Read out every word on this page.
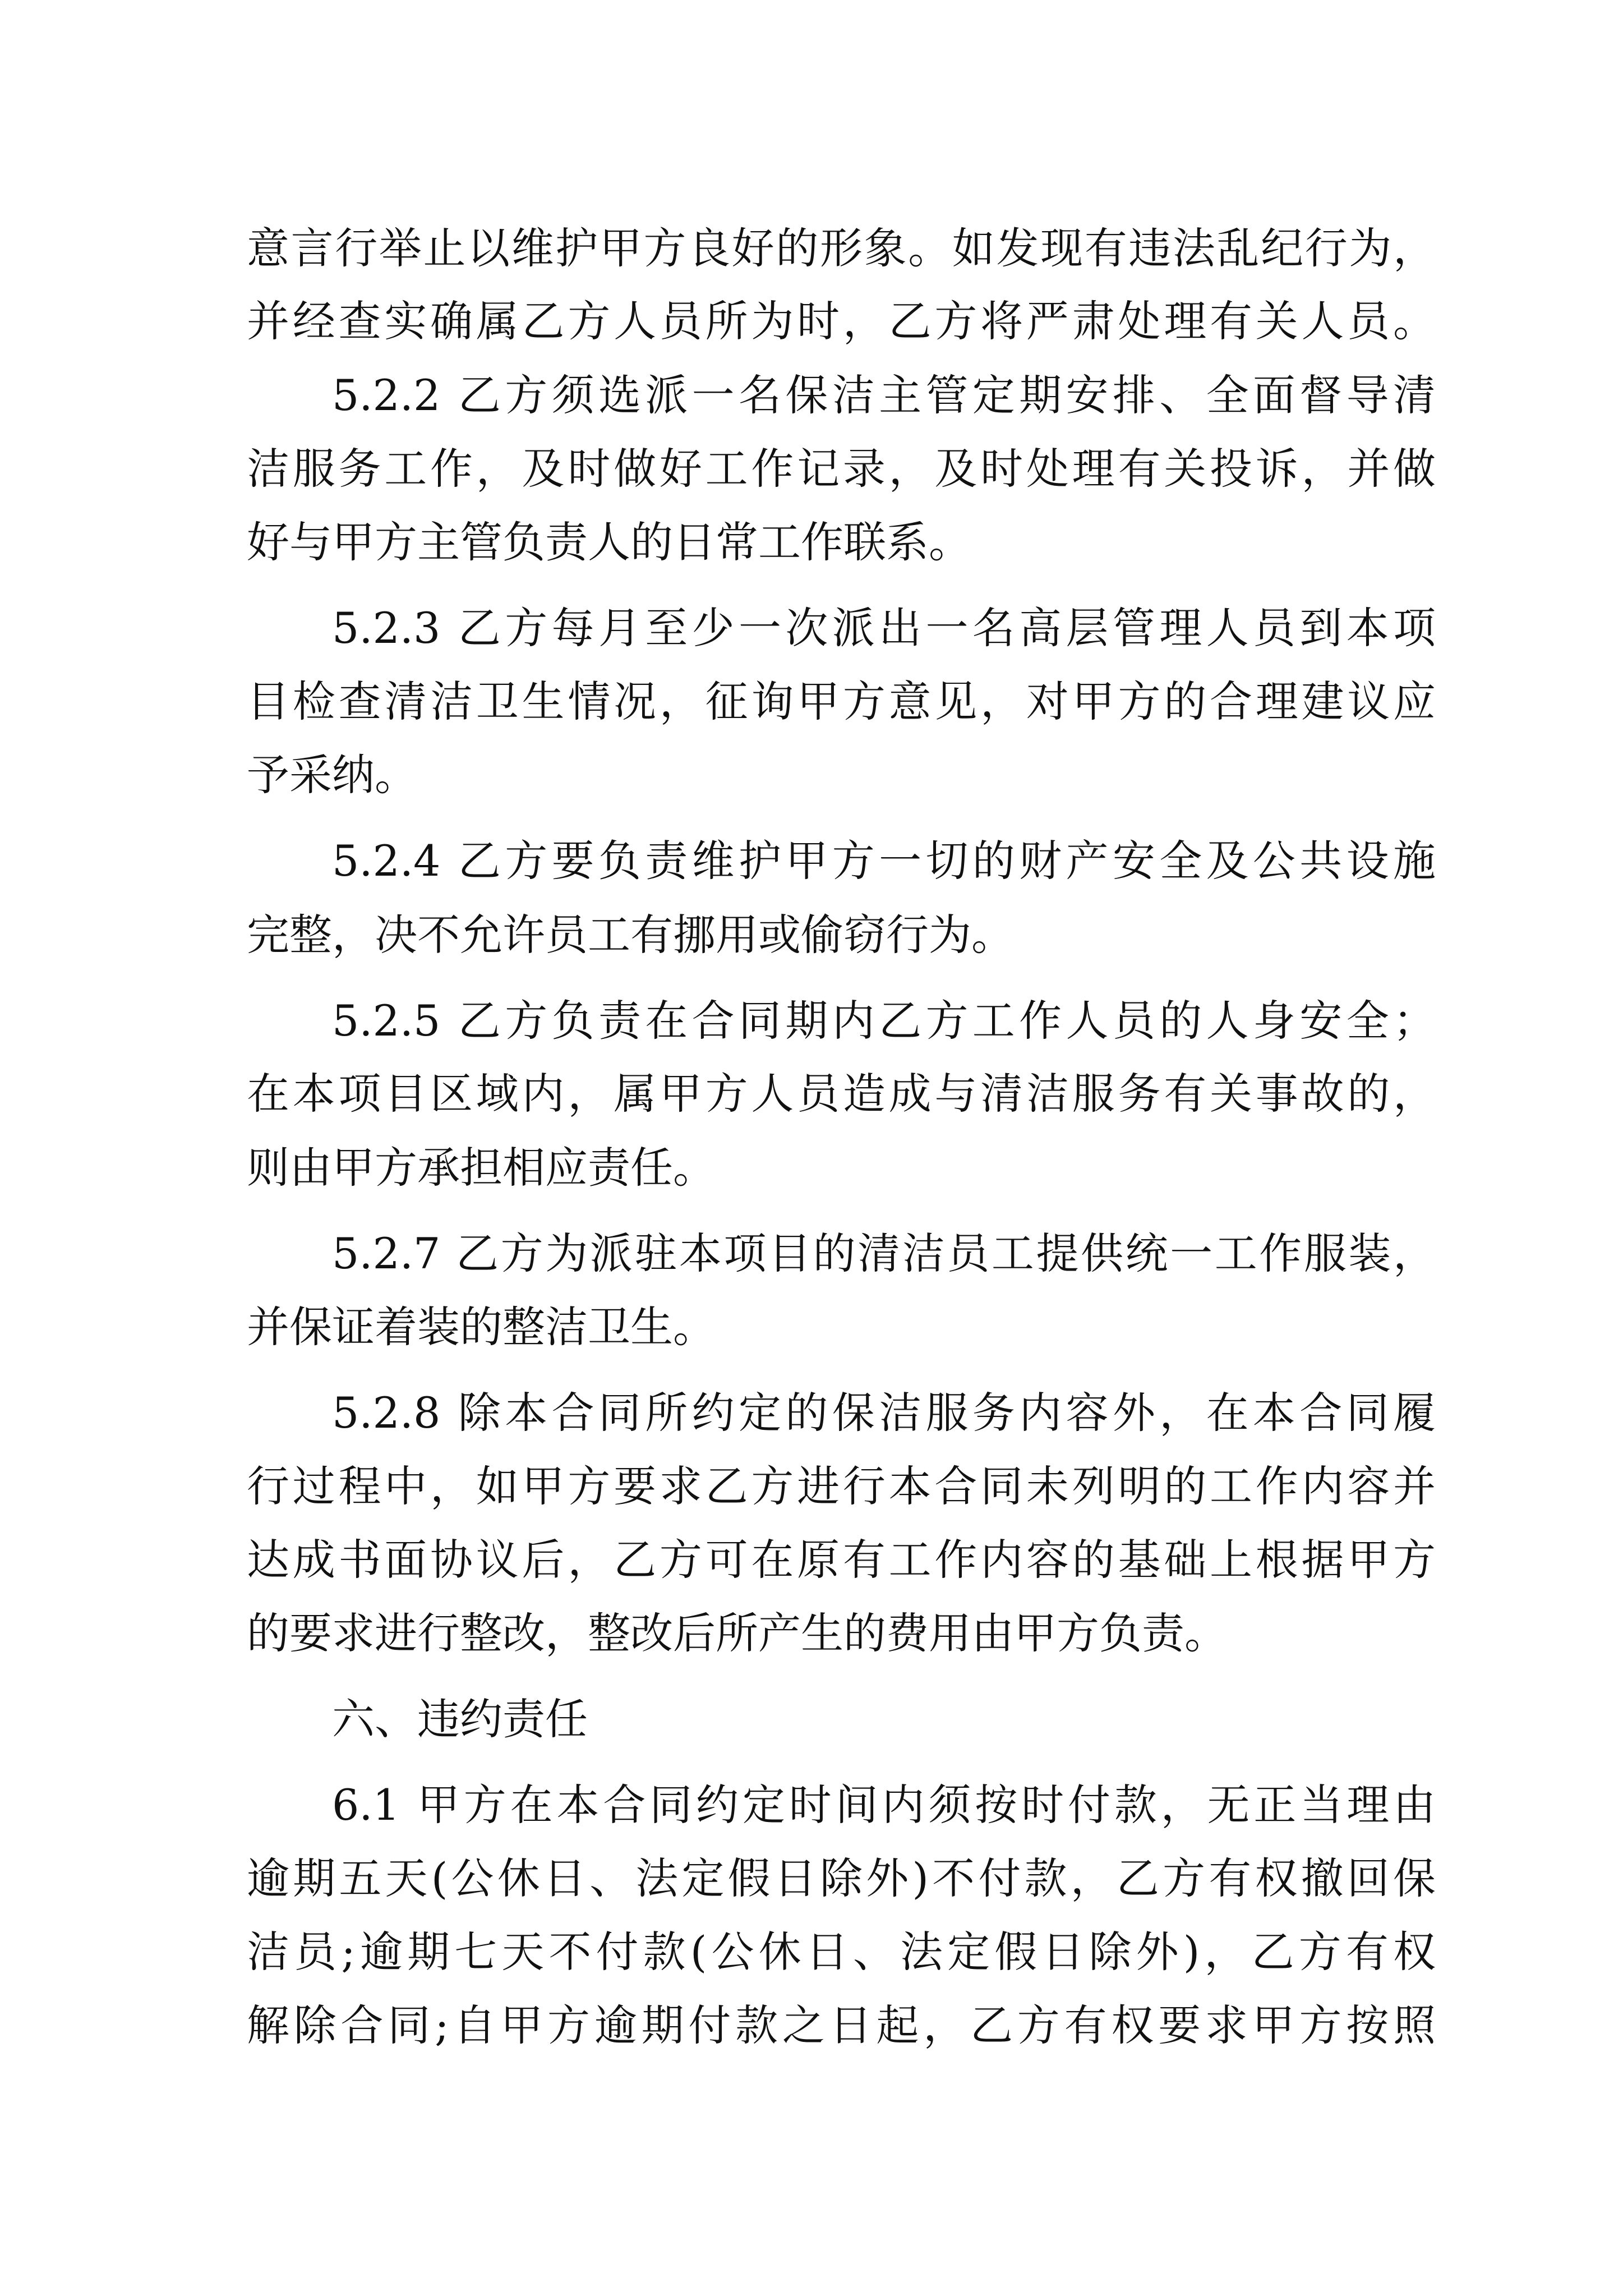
意言行举止以维护甲方良好的形象。如发现有违法乱纪行为，

并经查实确属乙方人员所为时，乙方将严肃处理有关人员。

5.2.2 乙方须选派一名保洁主管定期安排、全面督导清

洁服务工作，及时做好工作记录，及时处理有关投诉，并做

好与甲方主管负责人的日常工作联系。

5.2.3 乙方每月至少一次派出一名高层管理人员到本项

目检查清洁卫生情况，征询甲方意见，对甲方的合理建议应

予采纳。

5.2.4 乙方要负责维护甲方一切的财产安全及公共设施

完整，决不允许员工有挪用或偷窃行为。

5.2.5 乙方负责在合同期内乙方工作人员的人身安全；

在本项目区域内，属甲方人员造成与清洁服务有关事故的，

则由甲方承担相应责任。

5.2.7 乙方为派驻本项目的清洁员工提供统一工作服装，

并保证着装的整洁卫生。

5.2.8 除本合同所约定的保洁服务内容外，在本合同履

行过程中，如甲方要求乙方进行本合同未列明的工作内容并

达成书面协议后，乙方可在原有工作内容的基础上根据甲方

的要求进行整改，整改后所产生的费用由甲方负责。

六、违约责任

6.1 甲方在本合同约定时间内须按时付款，无正当理由

逾期五天(公休日、法定假日除外)不付款，乙方有权撤回保

洁员;逾期七天不付款(公休日、法定假日除外)，乙方有权

解除合同;自甲方逾期付款之日起，乙方有权要求甲方按照
